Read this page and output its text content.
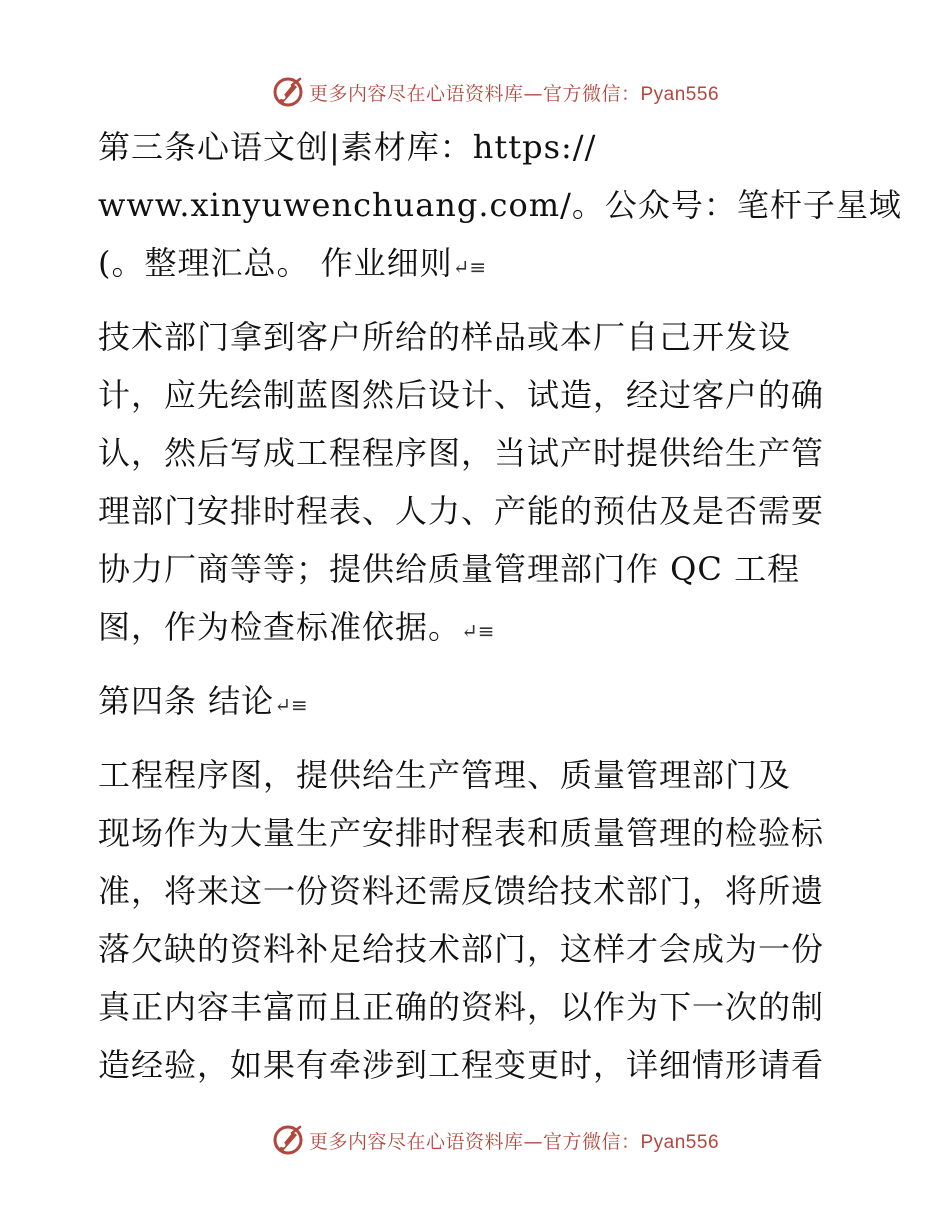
更多内容尽在心语资料库—官方微信：Pyan556
第三条心语文创|素材库：https://
www.xinyuwenchuang.com/。公众号：笔杆子星域
(。整理汇总。 作业细则↵≡
技术部门拿到客户所给的样品或本厂自己开发设
计，应先绘制蓝图然后设计、试造，经过客户的确
认，然后写成工程程序图，当试产时提供给生产管
理部门安排时程表、人力、产能的预估及是否需要
协力厂商等等；提供给质量管理部门作 QC 工程
图，作为检查标准依据。↵≡
第四条 结论↵≡
工程程序图，提供给生产管理、质量管理部门及
现场作为大量生产安排时程表和质量管理的检验标
准，将来这一份资料还需反馈给技术部门，将所遗
落欠缺的资料补足给技术部门，这样才会成为一份
真正内容丰富而且正确的资料，以作为下一次的制
造经验，如果有牵涉到工程变更时，详细情形请看
更多内容尽在心语资料库—官方微信：Pyan556
